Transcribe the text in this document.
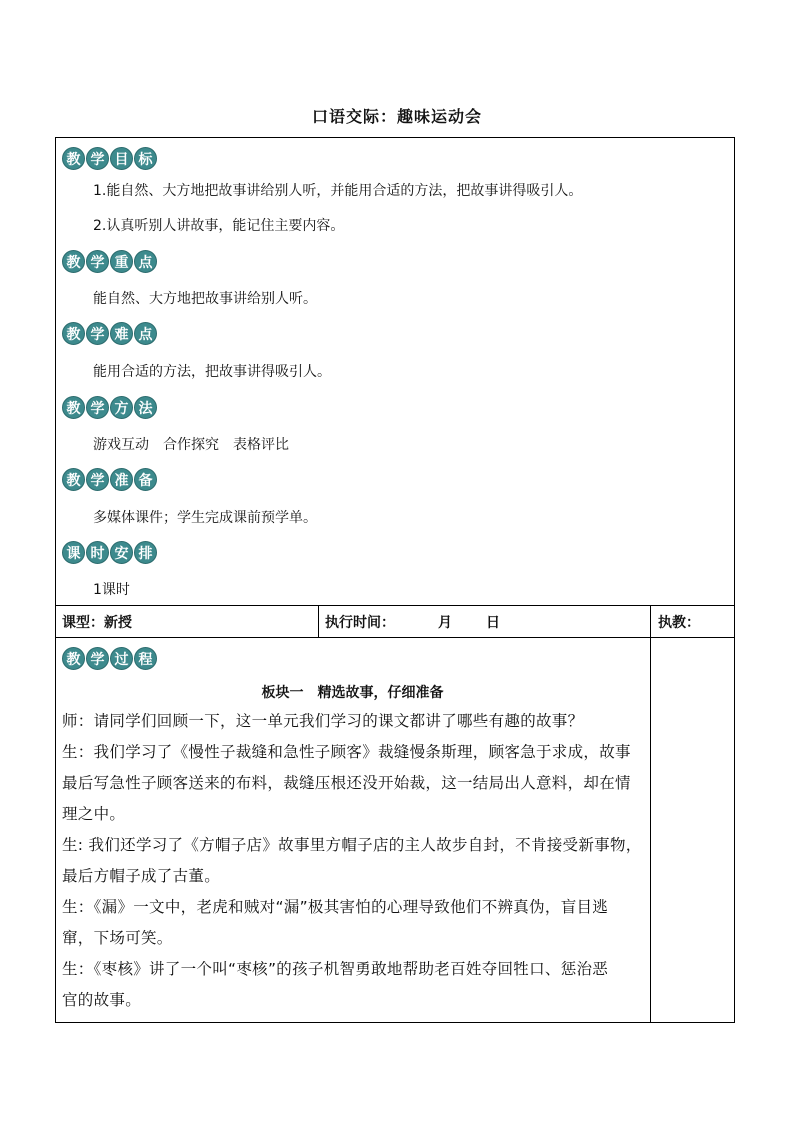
口语交际：趣味运动会
教 学 目 标
1.能自然、大方地把故事讲给别人听，并能用合适的方法，把故事讲得吸引人。
2.认真听别人讲故事，能记住主要内容。
教 学 重 点
能自然、大方地把故事讲给别人听。
教 学 难 点
能用合适的方法，把故事讲得吸引人。
教 学 方 法
游戏互动　合作探究　表格评比
教 学 准 备
多媒体课件；学生完成课前预学单。
课 时 安 排
1课时
课型：新授	执行时间：	月 日	执教：
教 学 过 程
板块一　精选故事，仔细准备
师：请同学们回顾一下，这一单元我们学习的课文都讲了哪些有趣的故事？
生：我们学习了《慢性子裁缝和急性子顾客》裁缝慢条斯理，顾客急于求成，故事
最后写急性子顾客送来的布料，裁缝压根还没开始裁，这一结局出人意料，却在情
理之中。
生: 我们还学习了《方帽子店》故事里方帽子店的主人故步自封，不肯接受新事物，
最后方帽子成了古董。
生：《漏》一文中，老虎和贼对“漏”极其害怕的心理导致他们不辨真伪，盲目逃
窜，下场可笑。
生：《枣核》讲了一个叫“枣核”的孩子机智勇敢地帮助老百姓夺回牲口、惩治恶
官的故事。
